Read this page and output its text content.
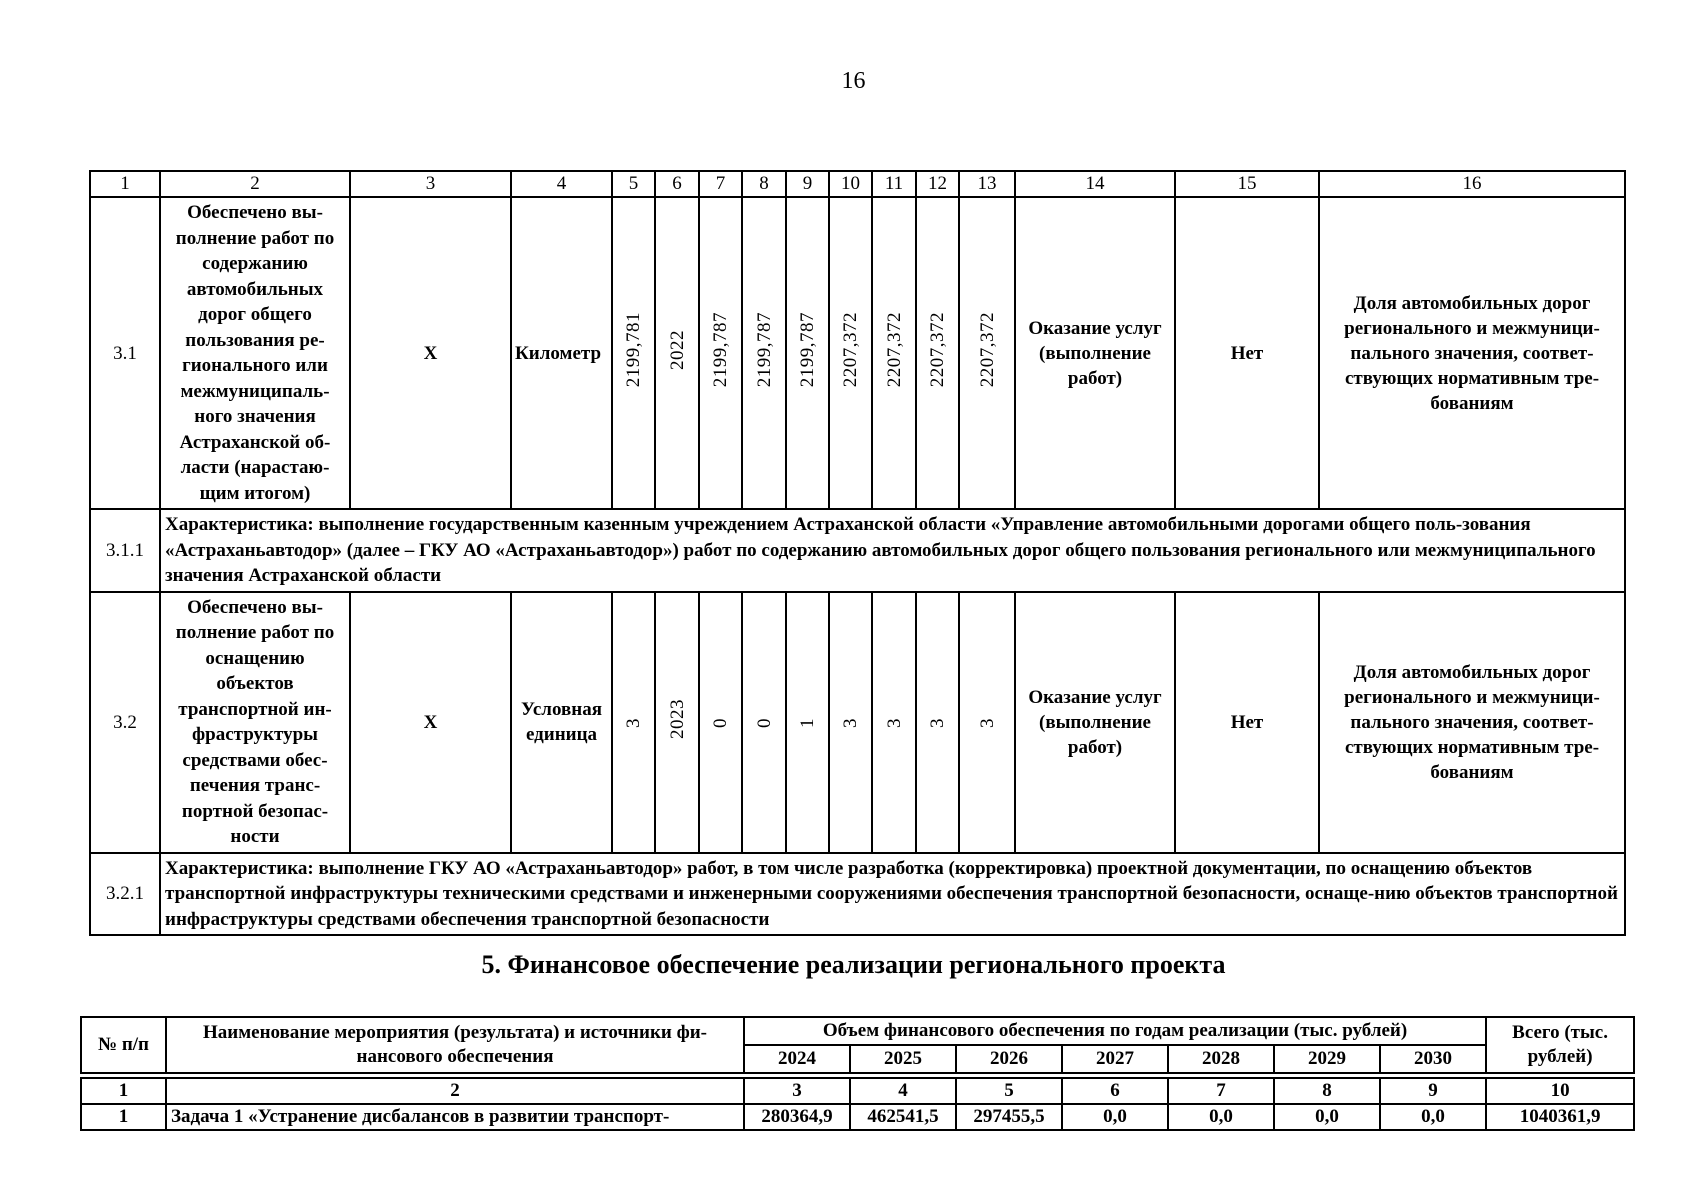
16
1	2	3	4	5	6	7	8	9	10	11	12	13	14	15	16
3.1	Обеспечено вы-полнение работ по содержанию автомобильных дорог общего пользования ре-гионального или межмуниципаль-ного значения Астраханской об-ласти (нарастаю-щим итогом)	X	Километр	2199,781	2022	2199,787	2199,787	2199,787	2207,372	2207,372	2207,372	2207,372	Оказание услуг (выполнение работ)	Нет	Доля автомобильных дорог регионального и межмуници-пального значения, соответ-ствующих нормативным тре-бованиям
3.1.1	Характеристика: выполнение государственным казенным учреждением Астраханской области «Управление автомобильными дорогами общего поль-зования «Астраханьавтодор» (далее – ГКУ АО «Астраханьавтодор») работ по содержанию автомобильных дорог общего пользования регионального или межмуниципального значения Астраханской области														
3.2	Обеспечено вы-полнение работ по оснащению объектов транспортной ин-фраструктуры средствами обес-печения транс-портной безопас-ности	X	Условная единица	3	2023	0	0	1	3	3	3	3	Оказание услуг (выполнение работ)	Нет	Доля автомобильных дорог регионального и межмуници-пального значения, соответ-ствующих нормативным тре-бованиям
3.2.1	Характеристика: выполнение ГКУ АО «Астраханьавтодор» работ, в том числе разработка (корректировка) проектной документации, по оснащению объектов транспортной инфраструктуры техническими средствами и инженерными сооружениями обеспечения транспортной безопасности, оснаще-нию объектов транспортной инфраструктуры средствами обеспечения транспортной безопасности														
5. Финансовое обеспечение реализации регионального проекта
№ п/п	Наименование мероприятия (результата) и источники фи-нансового обеспечения	Объем финансового обеспечения по годам реализации (тыс. рублей)							Всего (тыс. рублей)
		2024	2025	2026	2027	2028	2029	2030	

1	2	3	4	5	6	7	8	9	10
1	Задача 1 «Устранение дисбалансов в развитии транспорт-	280364,9	462541,5	297455,5	0,0	0,0	0,0	0,0	1040361,9
